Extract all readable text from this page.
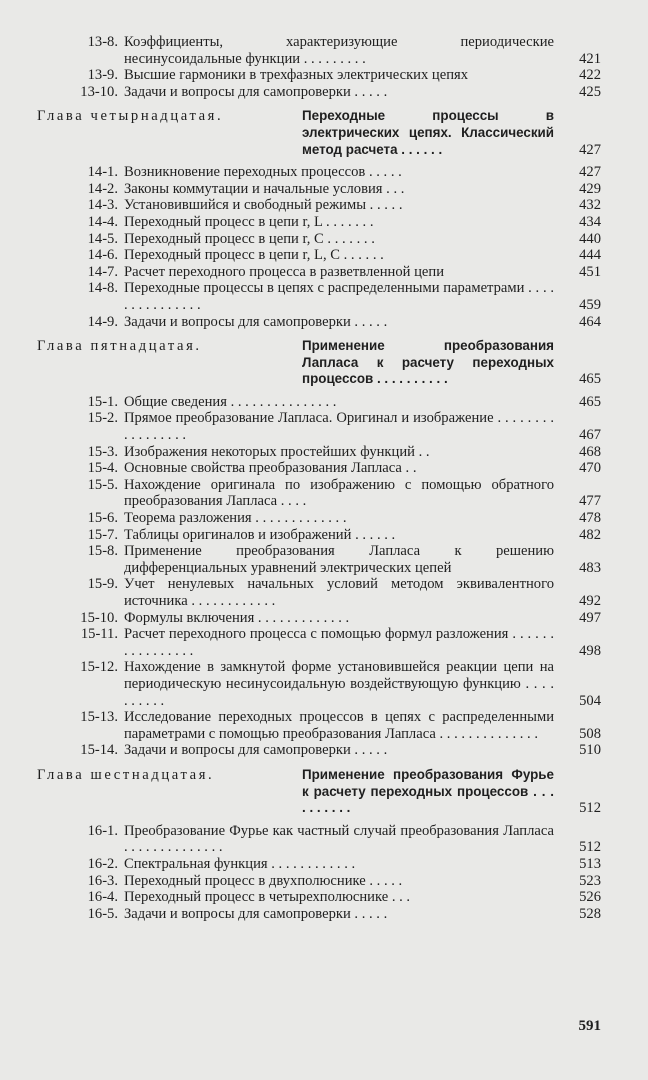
13-8. Коэффициенты, характеризующие периодические несинусоидальные функции . . . . . . . . .	421
13-9. Высшие гармоники в трехфазных электрических цепях	422
13-10. Задачи и вопросы для самопроверки . . . . .	425
Глава четырнадцатая.	Переходные процессы в электрических цепях. Классический метод расчета . . . . . .	427
14-1. Возникновение переходных процессов . . . . .	427
14-2. Законы коммутации и начальные условия . . .	429
14-3. Установившийся и свободный режимы . . . . .	432
14-4. Переходный процесс в цепи r, L . . . . . . .	434
14-5. Переходный процесс в цепи r, C . . . . . . .	440
14-6. Переходный процесс в цепи r, L, C . . . . . .	444
14-7. Расчет переходного процесса в разветвленной цепи	451
14-8. Переходные процессы в цепях с распределенными параметрами . . . . . . . . . . . . . . .	459
14-9. Задачи и вопросы для самопроверки . . . . .	464
Глава пятнадцатая.	Применение преобразования Лапласа к расчету переходных процессов . . . . . . . . . .	465
15-1. Общие сведения . . . . . . . . . . . . . . .	465
15-2. Прямое преобразование Лапласа. Оригинал и изображение . . . . . . . . . . . . . . . . .	467
15-3. Изображения некоторых простейших функций . .	468
15-4. Основные свойства преобразования Лапласа . .	470
15-5. Нахождение оригинала по изображению с помощью обратного преобразования Лапласа . . . .	477
15-6. Теорема разложения . . . . . . . . . . . . .	478
15-7. Таблицы оригиналов и изображений . . . . . .	482
15-8. Применение преобразования Лапласа к решению дифференциальных уравнений электрических цепей	483
15-9. Учет ненулевых начальных условий методом эквивалентного источника . . . . . . . . . . . .	492
15-10. Формулы включения . . . . . . . . . . . . .	497
15-11. Расчет переходного процесса с помощью формул разложения . . . . . . . . . . . . . . . .	498
15-12. Нахождение в замкнутой форме установившейся реакции цепи на периодическую несинусоидальную воздействующую функцию . . . . . . . . . .	504
15-13. Исследование переходных процессов в цепях с распределенными параметрами с помощью преобразования Лапласа . . . . . . . . . . . . . .	508
15-14. Задачи и вопросы для самопроверки . . . . .	510
Глава шестнадцатая.	Применение преобразования Фурье к расчету переходных процессов . . . . . . . . . .	512
16-1. Преобразование Фурье как частный случай преобразования Лапласа . . . . . . . . . . . . . .	512
16-2. Спектральная функция . . . . . . . . . . . .	513
16-3. Переходный процесс в двухполюснике . . . . .	523
16-4. Переходный процесс в четырехполюснике . . .	526
16-5. Задачи и вопросы для самопроверки . . . . .	528
591
